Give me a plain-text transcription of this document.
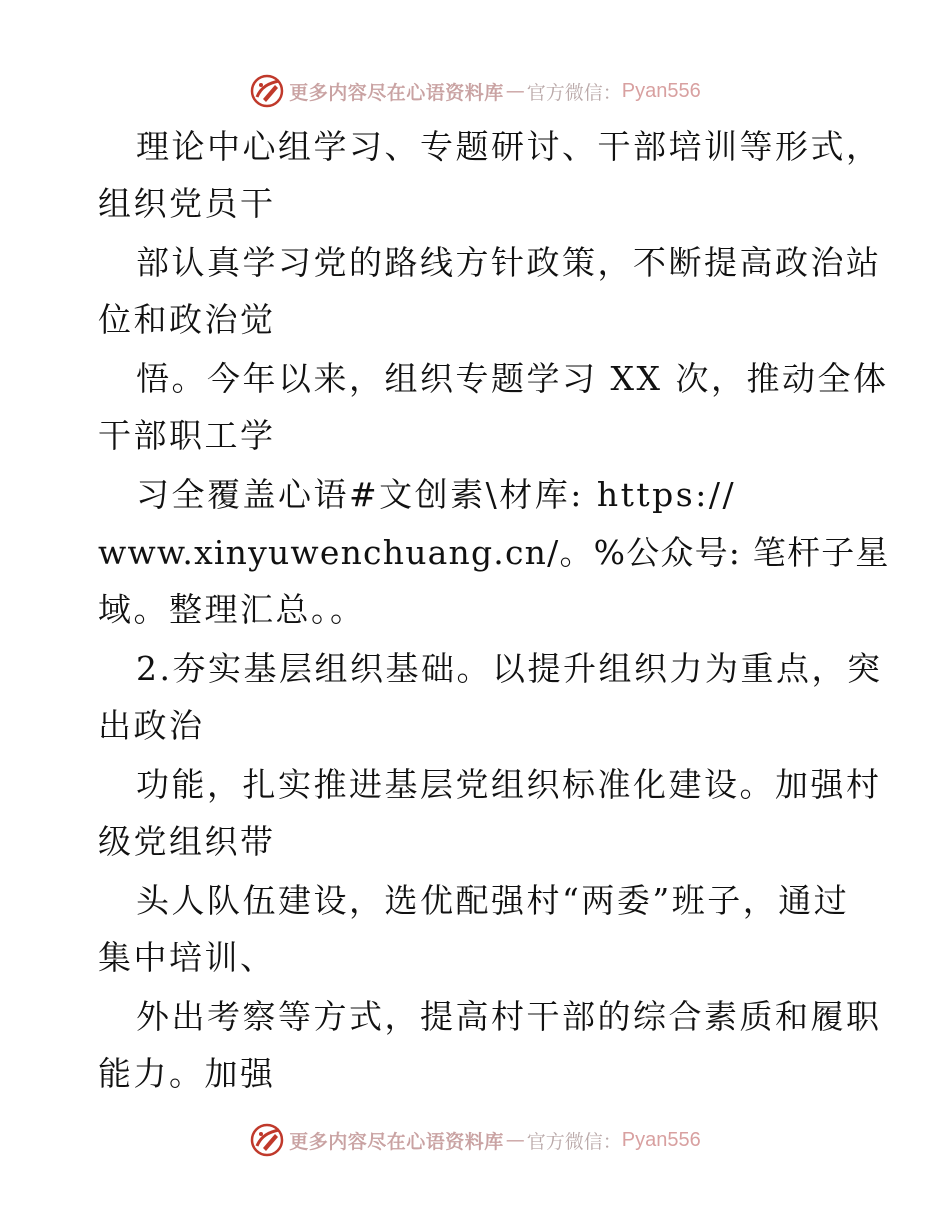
更多内容尽在心语资料库 — 官方微信： Pyan556
理论中心组学习、专题研讨、干部培训等形式，
组织党员干
部认真学习党的路线方针政策，不断提高政治站
位和政治觉
悟。今年以来，组织专题学习 XX 次，推动全体
干部职工学
习全覆盖心语#文创素\材库: https://
www.xinyuwenchuang.cn/。%公众号: 笔杆子星
域。整理汇总。。
2.夯实基层组织基础。以提升组织力为重点，突
出政治
功能，扎实推进基层党组织标准化建设。加强村
级党组织带
头人队伍建设，选优配强村“两委”班子，通过
集中培训、
外出考察等方式，提高村干部的综合素质和履职
能力。加强
更多内容尽在心语资料库 — 官方微信： Pyan556
